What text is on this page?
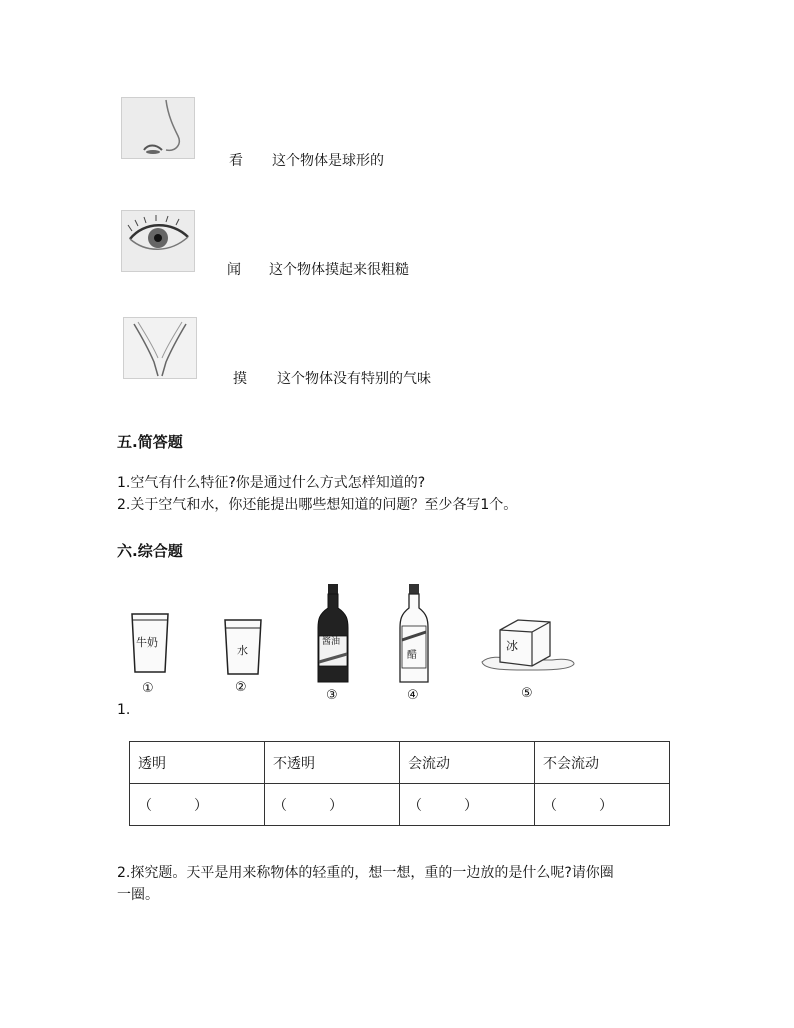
看 这个物体是球形的
闻 这个物体摸起来很粗糙
摸 这个物体没有特别的气味
五.简答题
1.空气有什么特征?你是通过什么方式怎样知道的?
2.关于空气和水，你还能提出哪些想知道的问题？至少各写1个。
六.综合题
牛奶
①
水
②
酱油
③
醋
④
冰
⑤
1.
透明	不透明	会流动	不会流动
（　　　）	（　　　）	（　　　）	（　　　）
2.探究题。天平是用来称物体的轻重的，想一想，重的一边放的是什么呢?请你圈
一圈。
